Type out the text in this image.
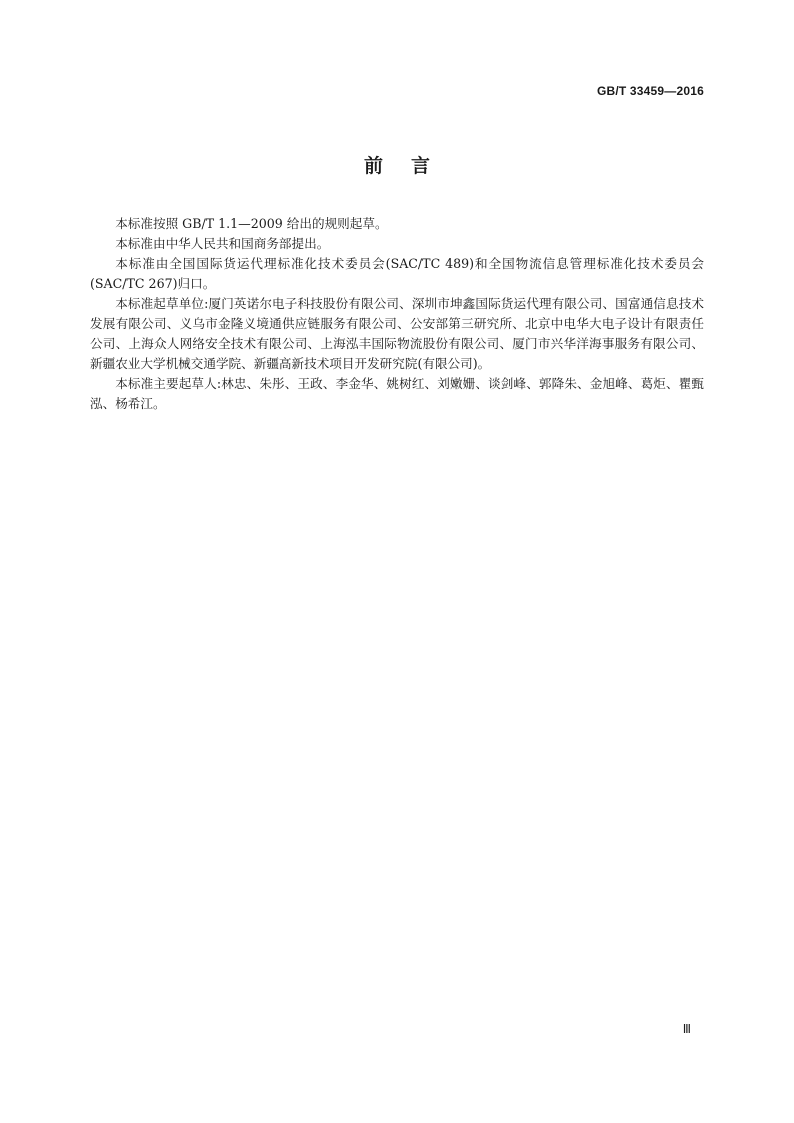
GB/T 33459—2016
前言

本标准按照 GB/T 1.1—2009 给出的规则起草。

本标准由中华人民共和国商务部提出。

本标准由全国国际货运代理标准化技术委员会(SAC/TC 489)和全国物流信息管理标准化技术委员会(SAC/TC 267)归口。

本标准起草单位:厦门英诺尔电子科技股份有限公司、深圳市坤鑫国际货运代理有限公司、国富通信息技术发展有限公司、义乌市金隆义境通供应链服务有限公司、公安部第三研究所、北京中电华大电子设计有限责任公司、上海众人网络安全技术有限公司、上海泓丰国际物流股份有限公司、厦门市兴华洋海事服务有限公司、新疆农业大学机械交通学院、新疆高新技术项目开发研究院(有限公司)。

本标准主要起草人:林忠、朱彤、王政、李金华、姚树红、刘嫩姗、谈剑峰、郭降朱、金旭峰、葛炬、瞿甄泓、杨希江。

Ⅲ
